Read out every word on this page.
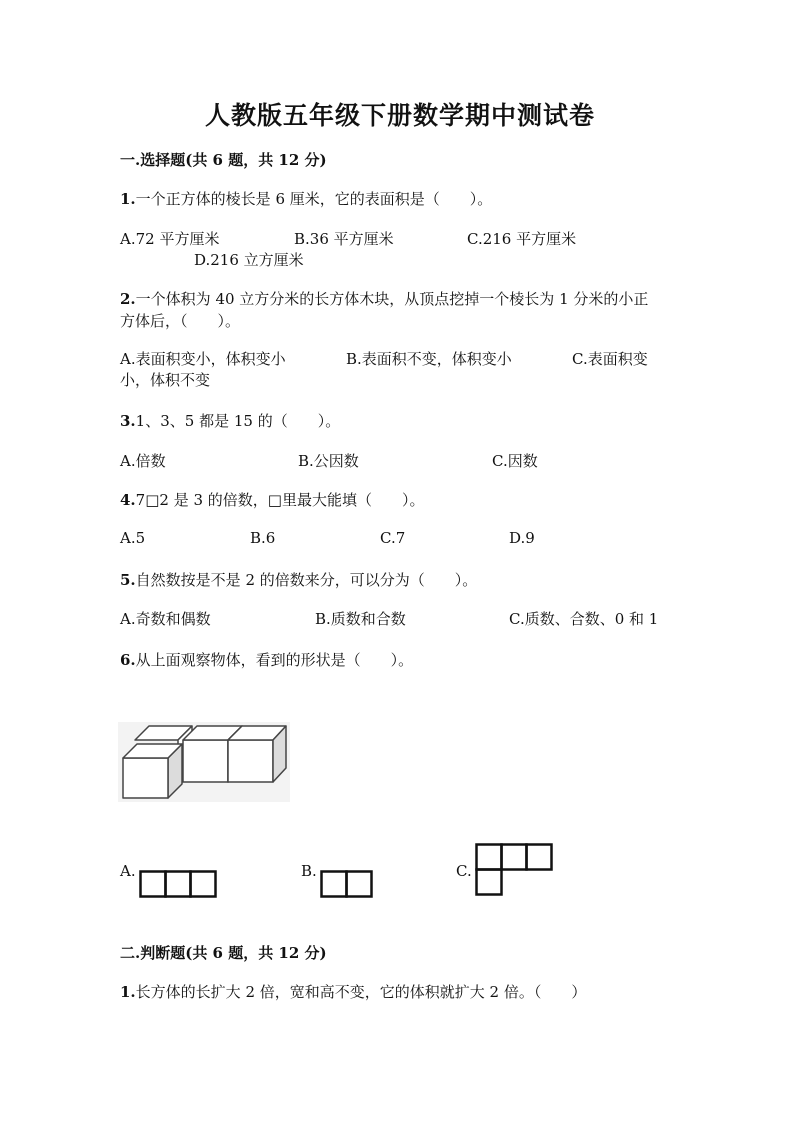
人教版五年级下册数学期中测试卷
一.选择题(共 6 题，共 12 分)
1.一个正方体的棱长是 6 厘米，它的表面积是（　　）。
A.72 平方厘米	B.36 平方厘米	C.216 平方厘米
D.216 立方厘米
2.一个体积为 40 立方分米的长方体木块，从顶点挖掉一个棱长为 1 分米的小正
方体后，（　　）。
A.表面积变小，体积变小	B.表面积不变，体积变小	C.表面积变
小，体积不变
3.1、3、5 都是 15 的（　　）。
A.倍数	B.公因数	C.因数
4.7□2 是 3 的倍数，□里最大能填（　　）。
A.5	B.6	C.7	D.9
5.自然数按是不是 2 的倍数来分，可以分为（　　）。
A.奇数和偶数	B.质数和合数	C.质数、合数、0 和 1
6.从上面观察物体，看到的形状是（　　）。
A.	B.	C.
二.判断题(共 6 题，共 12 分)
1.长方体的长扩大 2 倍，宽和高不变，它的体积就扩大 2 倍。（　　）
